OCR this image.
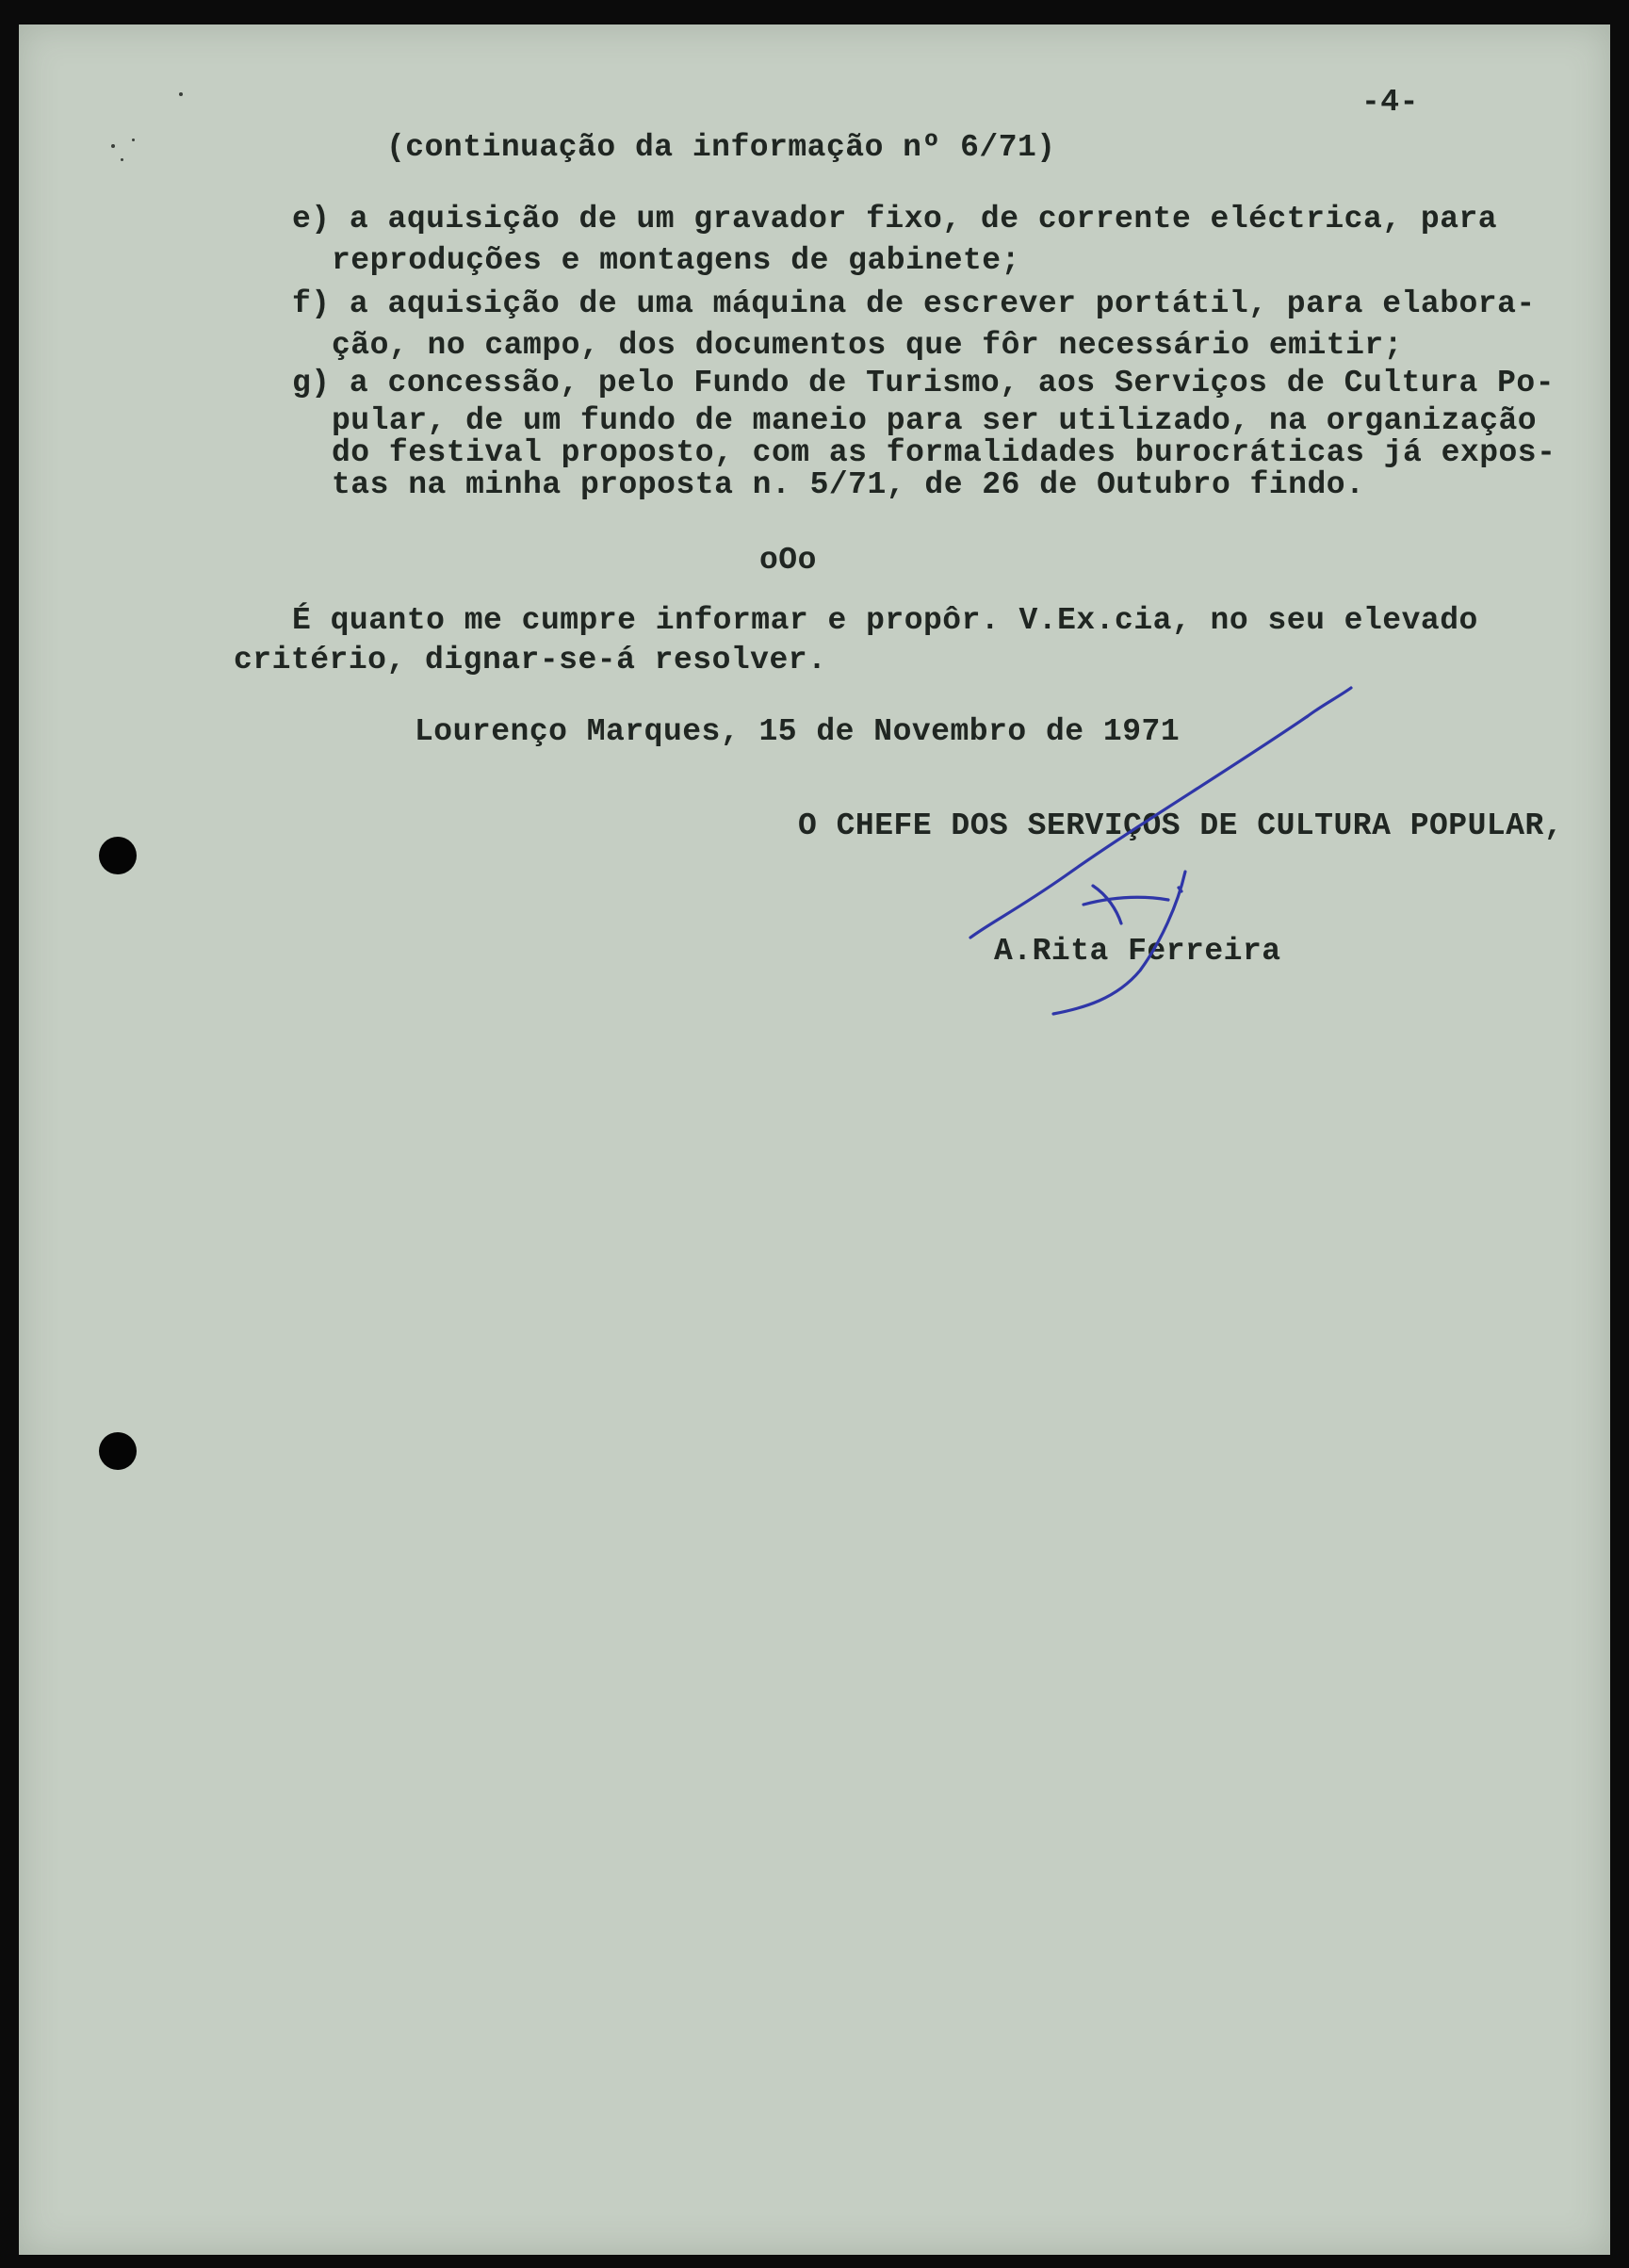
-4-
(continuação da informação nº 6/71)
e) a aquisição de um gravador fixo, de corrente eléctrica, para
reproduções e montagens de gabinete;
f) a aquisição de uma máquina de escrever portátil, para elabora-
ção, no campo, dos documentos que fôr necessário emitir;
g) a concessão, pelo Fundo de Turismo, aos Serviços de Cultura Po-
pular, de um fundo de maneio para ser utilizado, na organização
do festival proposto, com as formalidades burocráticas já expos-
tas na minha proposta n. 5/71, de 26 de Outubro findo.
oOo
É quanto me cumpre informar e propôr. V.Ex.cia, no seu elevado
critério, dignar-se-á resolver.
Lourenço Marques, 15 de Novembro de 1971
O CHEFE DOS SERVIÇOS DE CULTURA POPULAR,
A.Rita Ferreira
